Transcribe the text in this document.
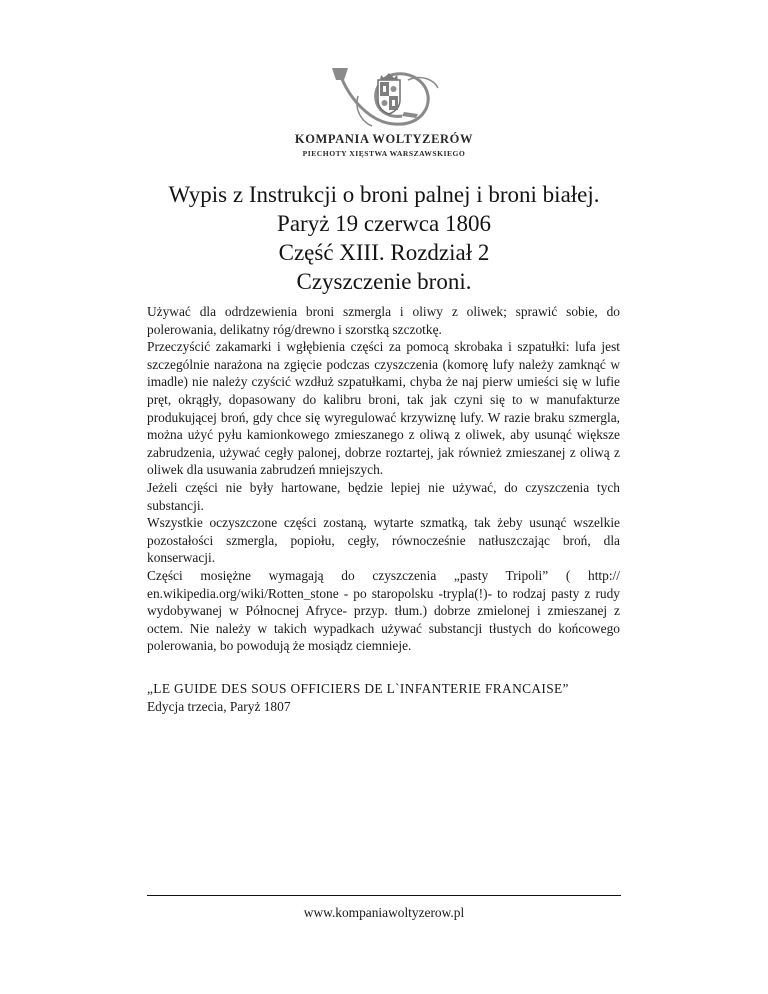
KOMPANIA WOLTYZERÓW
PIECHOTY XIĘSTWA WARSZAWSKIEGO
Wypis z Instrukcji o broni palnej i broni białej.
Paryż 19 czerwca 1806
Część XIII. Rozdział 2
Czyszczenie broni.

Używać dla odrdzewienia broni szmergla i oliwy z oliwek; sprawić sobie, do polerowania, delikatny róg/drewno i szorstką szczotkę.

Przeczyścić zakamarki i wgłębienia części za pomocą skrobaka i szpatułki: lufa jest szczególnie narażona na zgięcie podczas czyszczenia (komorę lufy należy zamknąć w imadle) nie należy czyścić wzdłuż szpatułkami, chyba że naj pierw umieści się w lufie pręt, okrągły, dopasowany do kalibru broni, tak jak czyni się to w manufakturze produkującej broń, gdy chce się wyregulować krzywiznę lufy. W razie braku szmergla, można użyć pyłu kamionkowego zmieszanego z oliwą z oliwek, aby usunąć większe zabrudzenia, używać cegły palonej, dobrze roztartej, jak również zmieszanej z oliwą z oliwek dla usuwania zabrudzeń mniejszych.

Jeżeli części nie były hartowane, będzie lepiej nie używać, do czyszczenia tych substancji.

Wszystkie oczyszczone części zostaną, wytarte szmatką, tak żeby usunąć wszelkie pozostałości szmergla, popiołu, cegły, równocześnie natłuszczając broń, dla konserwacji.

Części mosiężne wymagają do czyszczenia „pasty Tripoli” ( http:// en.wikipedia.org/wiki/Rotten_stone - po staropolsku -trypla(!)- to rodzaj pasty z rudy wydobywanej w Północnej Afryce- przyp. tłum.) dobrze zmielonej i zmieszanej z octem. Nie należy w takich wypadkach używać substancji tłustych do końcowego polerowania, bo powodują że mosiądz ciemnieje.

„LE GUIDE DES SOUS OFFICIERS DE L`INFANTERIE FRANCAISE”
Edycja trzecia, Paryż 1807
www.kompaniawoltyzerow.pl
